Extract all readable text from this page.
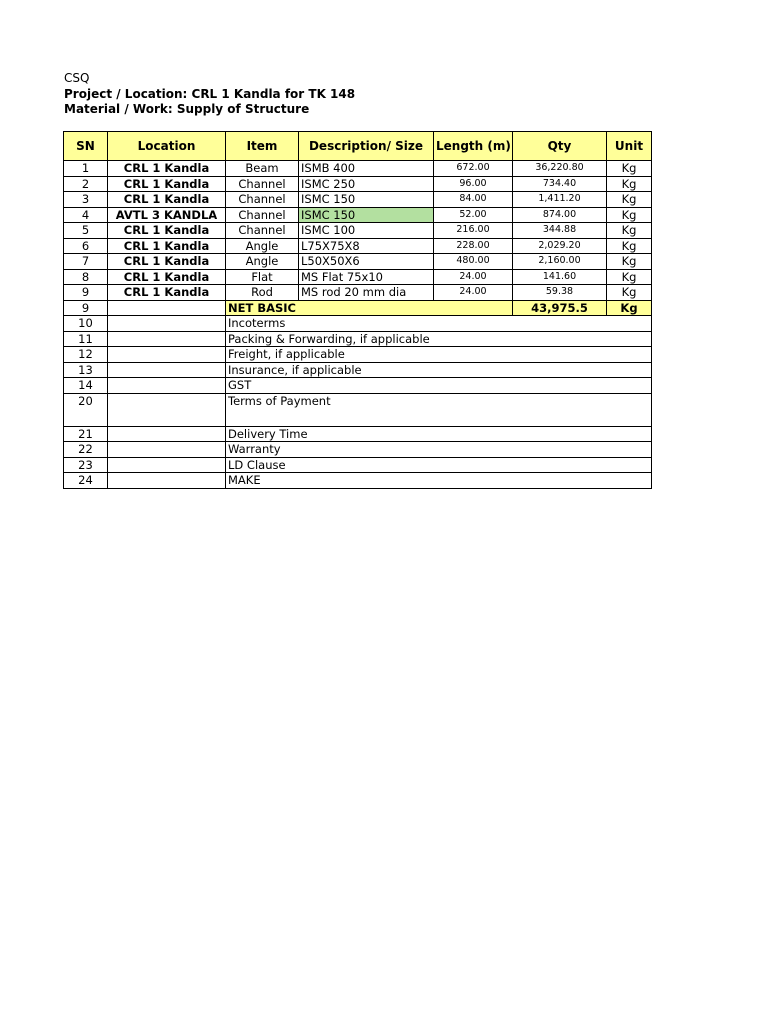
CSQ
Project / Location: CRL 1 Kandla for TK 148
Material / Work: Supply of Structure
SN	Location	Item	Description/ Size	Length (m)	Qty	Unit
1	CRL 1 Kandla	Beam	ISMB 400	672.00	36,220.80	Kg
2	CRL 1 Kandla	Channel	ISMC 250	96.00	734.40	Kg
3	CRL 1 Kandla	Channel	ISMC 150	84.00	1,411.20	Kg
4	AVTL 3 KANDLA	Channel	ISMC 150	52.00	874.00	Kg
5	CRL 1 Kandla	Channel	ISMC 100	216.00	344.88	Kg
6	CRL 1 Kandla	Angle	L75X75X8	228.00	2,029.20	Kg
7	CRL 1 Kandla	Angle	L50X50X6	480.00	2,160.00	Kg
8	CRL 1 Kandla	Flat	MS Flat 75x10	24.00	141.60	Kg
9	CRL 1 Kandla	Rod	MS rod 20 mm dia	24.00	59.38	Kg
9		NET BASIC			43,975.5	Kg
10		Incoterms				
11		Packing & Forwarding, if applicable				
12		Freight, if applicable				
13		Insurance, if applicable				
14		GST				
20		Terms of Payment				
21		Delivery Time				
22		Warranty				
23		LD Clause				
24		MAKE				
